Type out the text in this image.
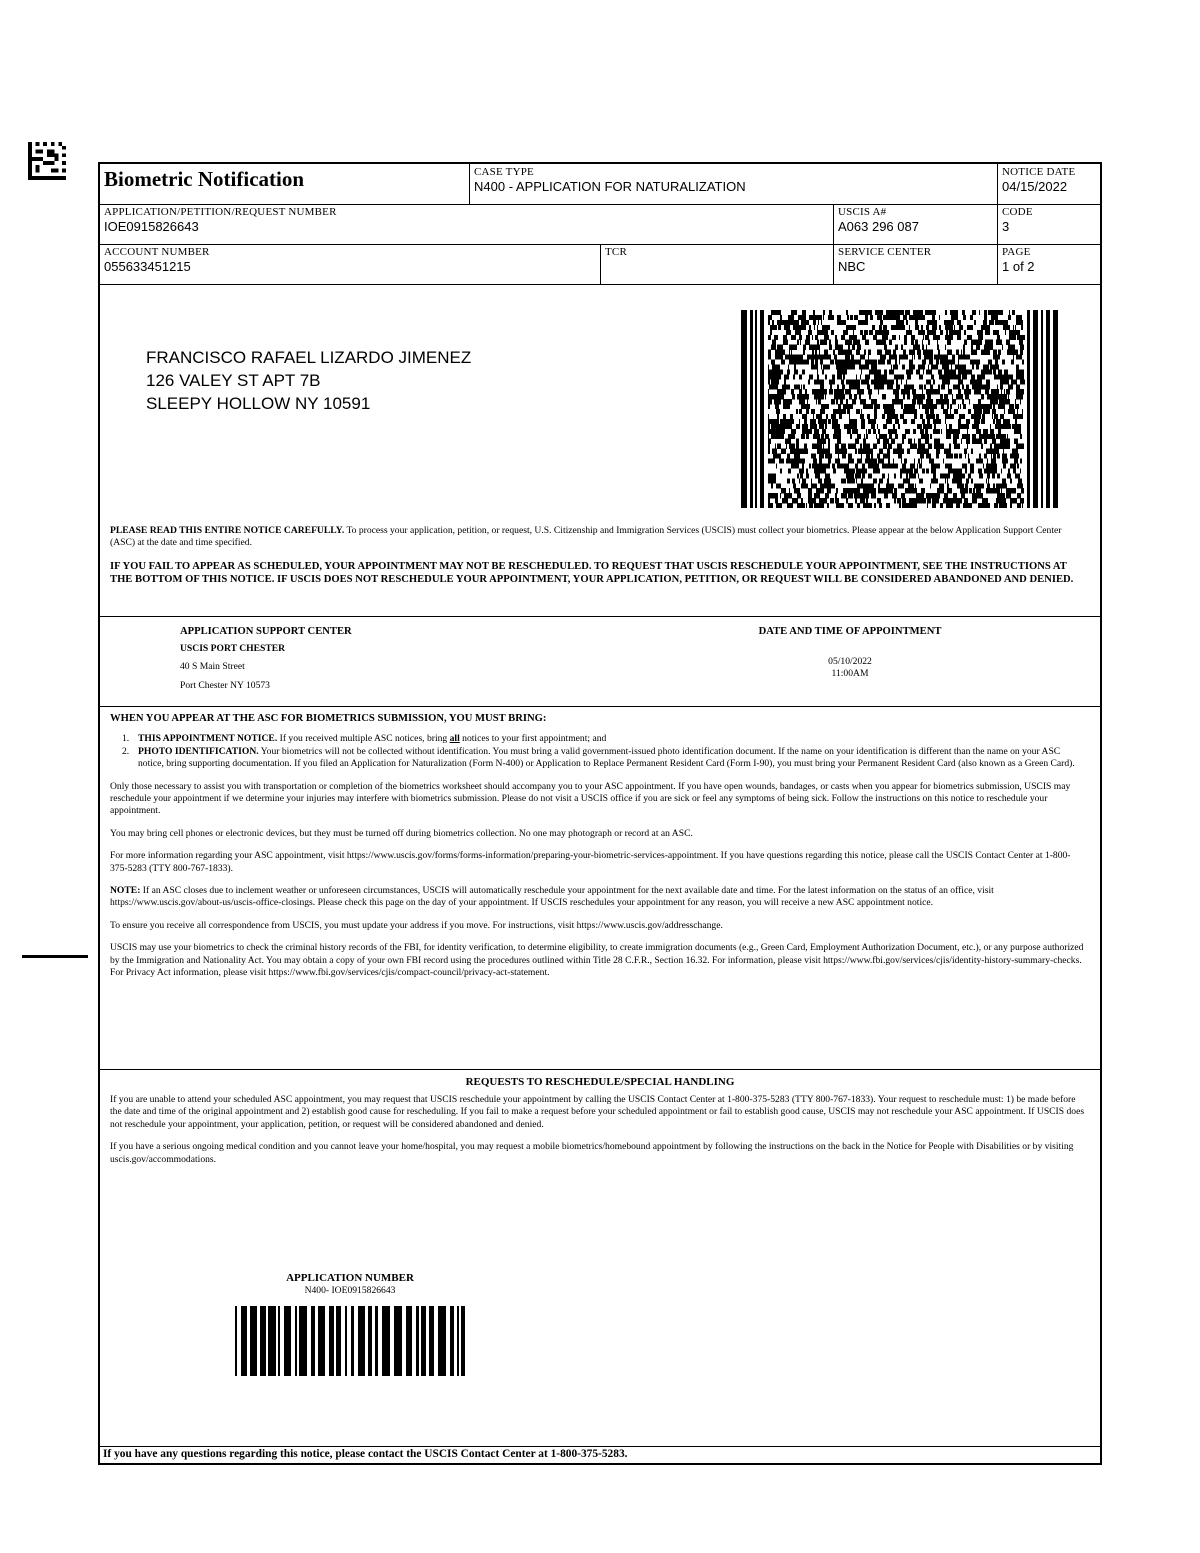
Biometric Notification	CASE TYPE
N400 - APPLICATION FOR NATURALIZATION
NOTICE DATE
04/15/2022
APPLICATION/PETITION/REQUEST NUMBER
IOE0915826643
USCIS A#
A063 296 087
CODE
3
ACCOUNT NUMBER
055633451215
TCR	SERVICE CENTER
NBC
PAGE
1 of 2
FRANCISCO RAFAEL LIZARDO JIMENEZ
126 VALEY ST APT 7B
SLEEPY HOLLOW NY 10591
PLEASE READ THIS ENTIRE NOTICE CAREFULLY. To process your application, petition, or request, U.S. Citizenship and Immigration Services (USCIS) must collect your biometrics. Please appear at the below Application Support Center (ASC) at the date and time specified.
IF YOU FAIL TO APPEAR AS SCHEDULED, YOUR APPOINTMENT MAY NOT BE RESCHEDULED. TO REQUEST THAT USCIS RESCHEDULE YOUR APPOINTMENT, SEE THE INSTRUCTIONS AT THE BOTTOM OF THIS NOTICE. IF USCIS DOES NOT RESCHEDULE YOUR APPOINTMENT, YOUR APPLICATION, PETITION, OR REQUEST WILL BE CONSIDERED ABANDONED AND DENIED.
APPLICATION SUPPORT CENTER
USCIS PORT CHESTER
40 S Main Street
Port Chester NY 10573
DATE AND TIME OF APPOINTMENT
05/10/2022
11:00AM
WHEN YOU APPEAR AT THE ASC FOR BIOMETRICS SUBMISSION, YOU MUST BRING:
1. THIS APPOINTMENT NOTICE. If you received multiple ASC notices, bring all notices to your first appointment; and
2. PHOTO IDENTIFICATION. Your biometrics will not be collected without identification. You must bring a valid government-issued photo identification document. If the name on your identification is different than the name on your ASC notice, bring supporting documentation. If you filed an Application for Naturalization (Form N-400) or Application to Replace Permanent Resident Card (Form I-90), you must bring your Permanent Resident Card (also known as a Green Card).
Only those necessary to assist you with transportation or completion of the biometrics worksheet should accompany you to your ASC appointment. If you have open wounds, bandages, or casts when you appear for biometrics submission, USCIS may reschedule your appointment if we determine your injuries may interfere with biometrics submission. Please do not visit a USCIS office if you are sick or feel any symptoms of being sick. Follow the instructions on this notice to reschedule your appointment.
You may bring cell phones or electronic devices, but they must be turned off during biometrics collection. No one may photograph or record at an ASC.
For more information regarding your ASC appointment, visit https://www.uscis.gov/forms/forms-information/preparing-your-biometric-services-appointment. If you have questions regarding this notice, please call the USCIS Contact Center at 1-800-375-5283 (TTY 800-767-1833).
NOTE: If an ASC closes due to inclement weather or unforeseen circumstances, USCIS will automatically reschedule your appointment for the next available date and time. For the latest information on the status of an office, visit https://www.uscis.gov/about-us/uscis-office-closings. Please check this page on the day of your appointment. If USCIS reschedules your appointment for any reason, you will receive a new ASC appointment notice.
To ensure you receive all correspondence from USCIS, you must update your address if you move. For instructions, visit https://www.uscis.gov/addresschange.
USCIS may use your biometrics to check the criminal history records of the FBI, for identity verification, to determine eligibility, to create immigration documents (e.g., Green Card, Employment Authorization Document, etc.), or any purpose authorized by the Immigration and Nationality Act. You may obtain a copy of your own FBI record using the procedures outlined within Title 28 C.F.R., Section 16.32. For information, please visit https://www.fbi.gov/services/cjis/identity-history-summary-checks. For Privacy Act information, please visit https://www.fbi.gov/services/cjis/compact-council/privacy-act-statement.
REQUESTS TO RESCHEDULE/SPECIAL HANDLING
If you are unable to attend your scheduled ASC appointment, you may request that USCIS reschedule your appointment by calling the USCIS Contact Center at 1-800-375-5283 (TTY 800-767-1833). Your request to reschedule must: 1) be made before the date and time of the original appointment and 2) establish good cause for rescheduling. If you fail to make a request before your scheduled appointment or fail to establish good cause, USCIS may not reschedule your ASC appointment. If USCIS does not reschedule your appointment, your application, petition, or request will be considered abandoned and denied.
If you have a serious ongoing medical condition and you cannot leave your home/hospital, you may request a mobile biometrics/homebound appointment by following the instructions on the back in the Notice for People with Disabilities or by visiting uscis.gov/accommodations.
APPLICATION NUMBER
N400- IOE0915826643
If you have any questions regarding this notice, please contact the USCIS Contact Center at 1-800-375-5283.
